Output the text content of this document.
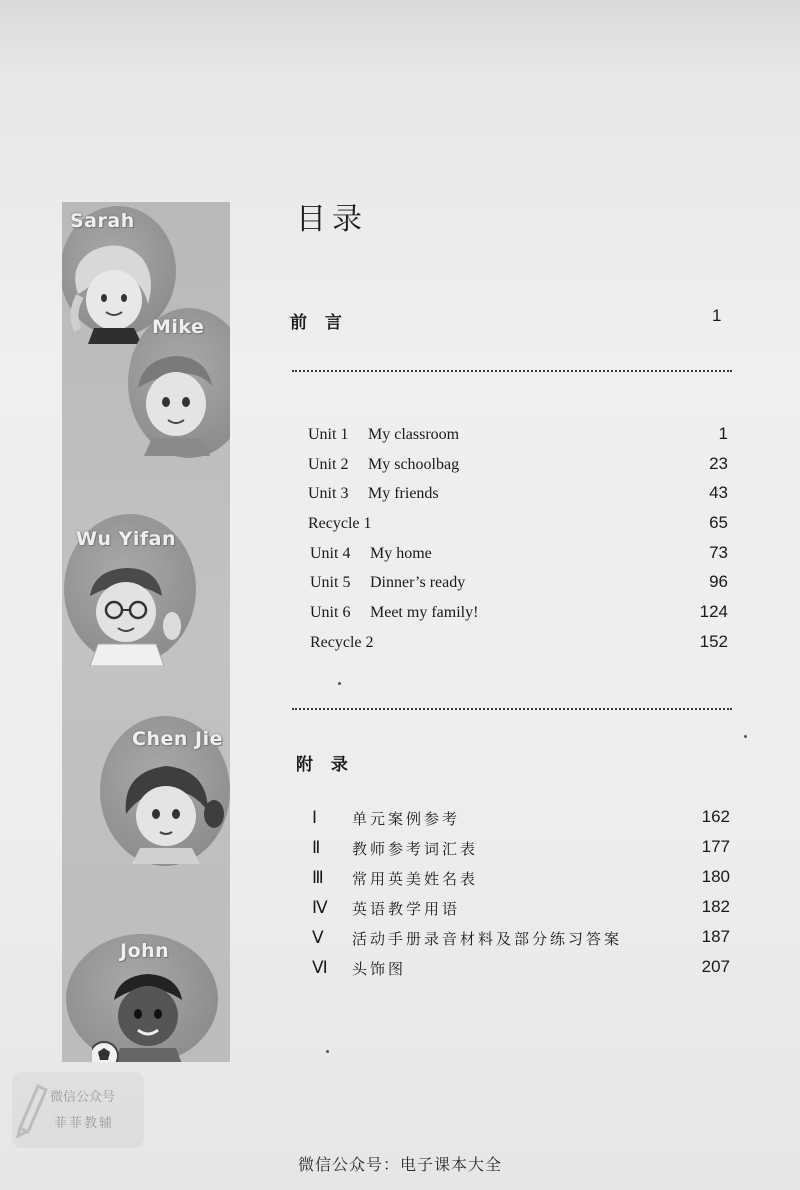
Sarah
Mike
Wu Yifan
Chen Jie
John
目录
前 言	1
Unit 1 My classroom	1
Unit 2 My schoolbag	23
Unit 3 My friends	43
Recycle 1	65
Unit 4 My home	73
Unit 5 Dinner’s ready	96
Unit 6 Meet my family!	124
Recycle 2	152
附 录
Ⅰ 单元案例参考	162
Ⅱ 教师参考词汇表	177
Ⅲ 常用英美姓名表	180
Ⅳ 英语教学用语	182
Ⅴ 活动手册录音材料及部分练习答案	187
Ⅵ 头饰图	207
微信公众号
菲菲教辅
微信公众号：电子课本大全
